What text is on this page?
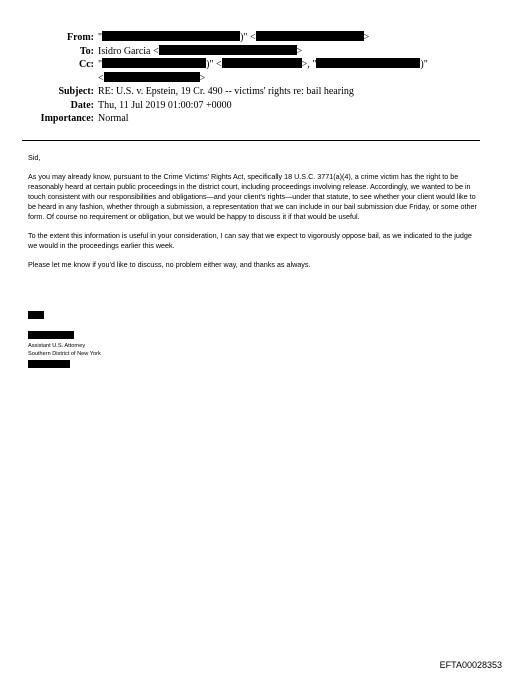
From: "	)" <	>
To: Isidro Garcia <	>
Cc: "	)" <	>, "	)"
<	>
Subject: RE: U.S. v. Epstein, 19 Cr. 490 -- victims' rights re: bail hearing
Date: Thu, 11 Jul 2019 01:00:07 +0000
Importance: Normal

Sid,

As you may already know, pursuant to the Crime Victims' Rights Act, specifically 18 U.S.C. 3771(a)(4), a crime victim has the right to be reasonably heard at certain public proceedings in the district court, including proceedings involving release. Accordingly, we wanted to be in touch consistent with our responsibilities and obligations—and your client's rights—under that statute, to see whether your client would like to be heard in any fashion, whether through a submission, a representation that we can include in our bail submission due Friday, or some other form. Of course no requirement or obligation, but we would be happy to discuss it if that would be useful.

To the extent this information is useful in your consideration, I can say that we expect to vigorously oppose bail, as we indicated to the judge we would in the proceedings earlier this week.

Please let me know if you'd like to discuss, no problem either way, and thanks as always.

Assistant U.S. Attorney
Southern District of New York
EFTA00028353
